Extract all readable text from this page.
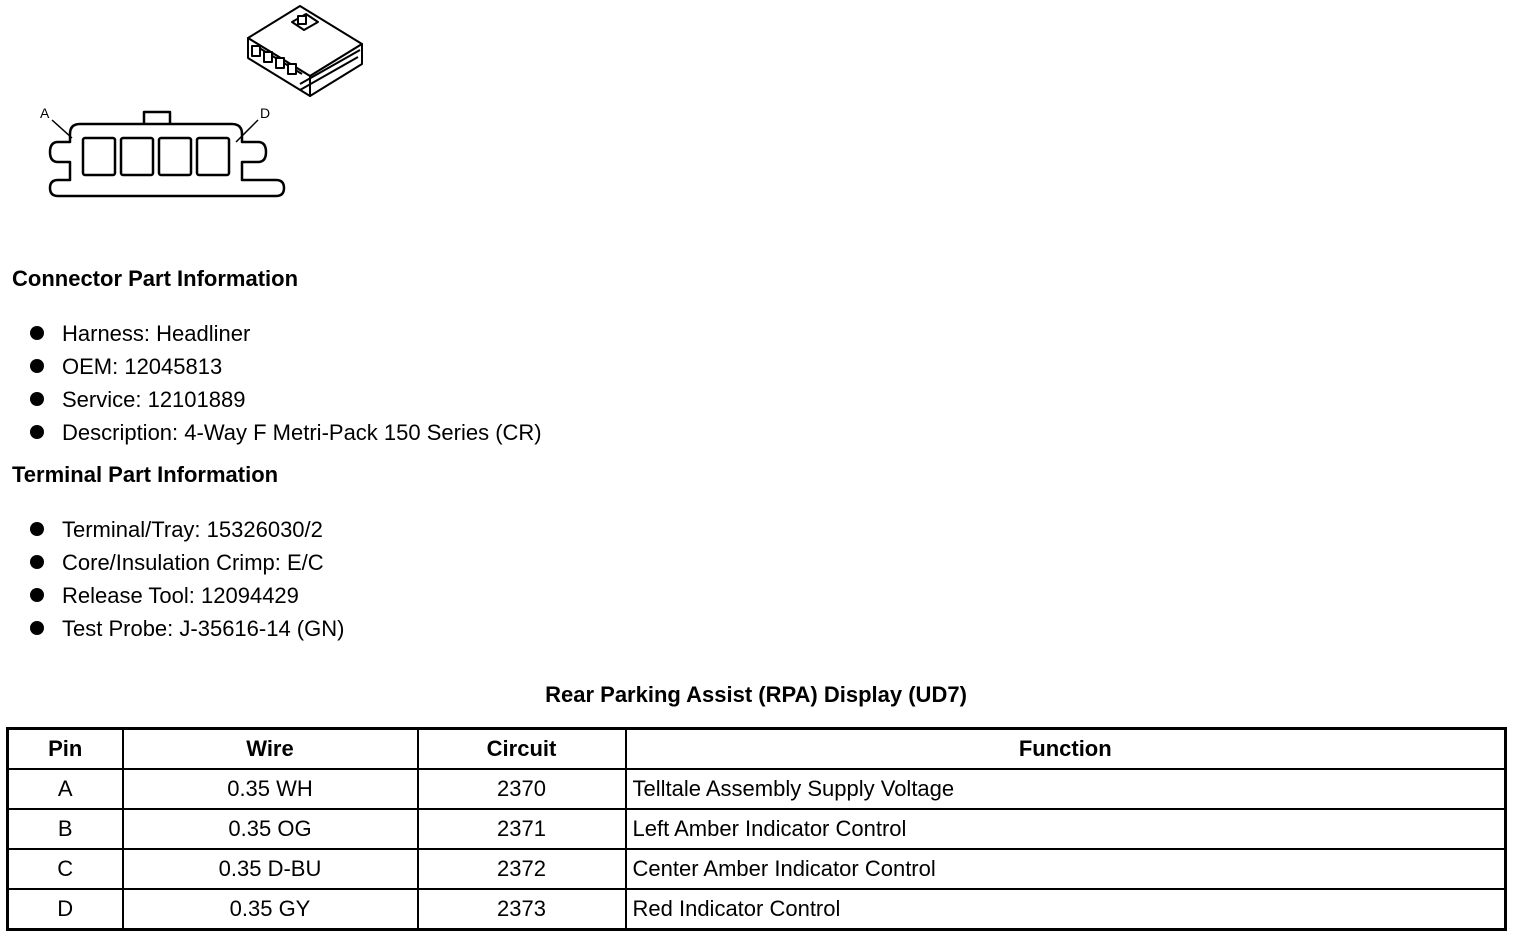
A	D
Connector Part Information
Harness: Headliner
OEM: 12045813
Service: 12101889
Description: 4-Way F Metri-Pack 150 Series (CR)
Terminal Part Information
Terminal/Tray: 15326030/2
Core/Insulation Crimp: E/C
Release Tool: 12094429
Test Probe: J-35616-14 (GN)
Rear Parking Assist (RPA) Display (UD7)
Pin	Wire	Circuit	Function
A	0.35 WH	2370	Telltale Assembly Supply Voltage
B	0.35 OG	2371	Left Amber Indicator Control
C	0.35 D-BU	2372	Center Amber Indicator Control
D	0.35 GY	2373	Red Indicator Control
